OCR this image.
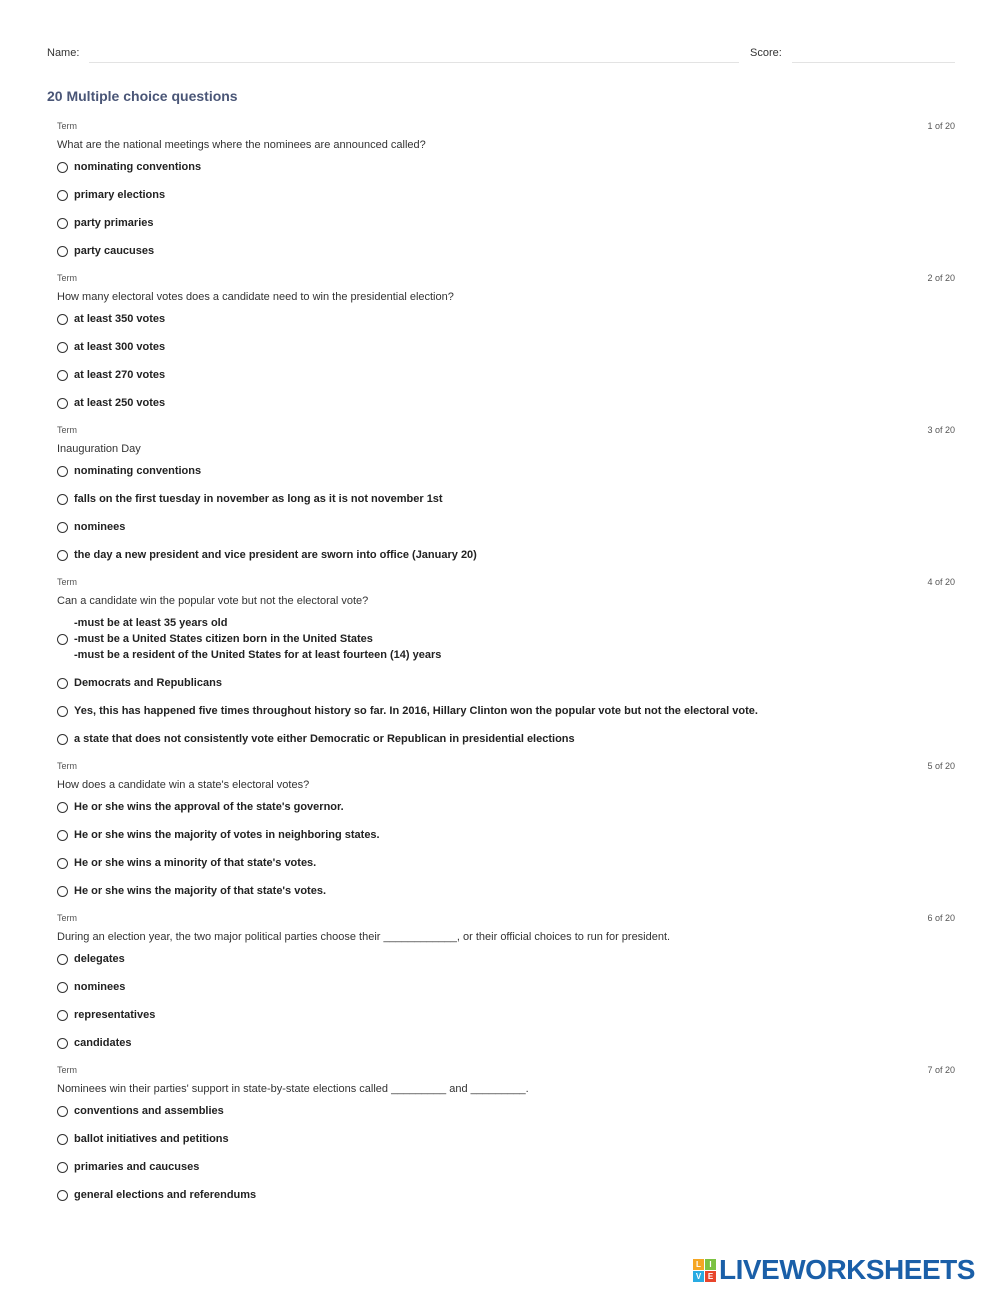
Name:	Score:
20 Multiple choice questions
Term	1 of 20
What are the national meetings where the nominees are announced called?
nominating conventions
primary elections
party primaries
party caucuses
Term	2 of 20
How many electoral votes does a candidate need to win the presidential election?
at least 350 votes
at least 300 votes
at least 270 votes
at least 250 votes
Term	3 of 20
Inauguration Day
nominating conventions
falls on the first tuesday in november as long as it is not november 1st
nominees
the day a new president and vice president are sworn into office (January 20)
Term	4 of 20
Can a candidate win the popular vote but not the electoral vote?
-must be at least 35 years old
-must be a United States citizen born in the United States
-must be a resident of the United States for at least fourteen (14) years
Democrats and Republicans
Yes, this has happened five times throughout history so far. In 2016, Hillary Clinton won the popular vote but not the electoral vote.
a state that does not consistently vote either Democratic or Republican in presidential elections
Term	5 of 20
How does a candidate win a state's electoral votes?
He or she wins the approval of the state's governor.
He or she wins the majority of votes in neighboring states.
He or she wins a minority of that state's votes.
He or she wins the majority of that state's votes.
Term	6 of 20
During an election year, the two major political parties choose their ____________, or their official choices to run for president.
delegates
nominees
representatives
candidates
Term	7 of 20
Nominees win their parties' support in state-by-state elections called _________ and _________.
conventions and assemblies
ballot initiatives and petitions
primaries and caucuses
general elections and referendums
L	I
V E LIVEWORKSHEETS
